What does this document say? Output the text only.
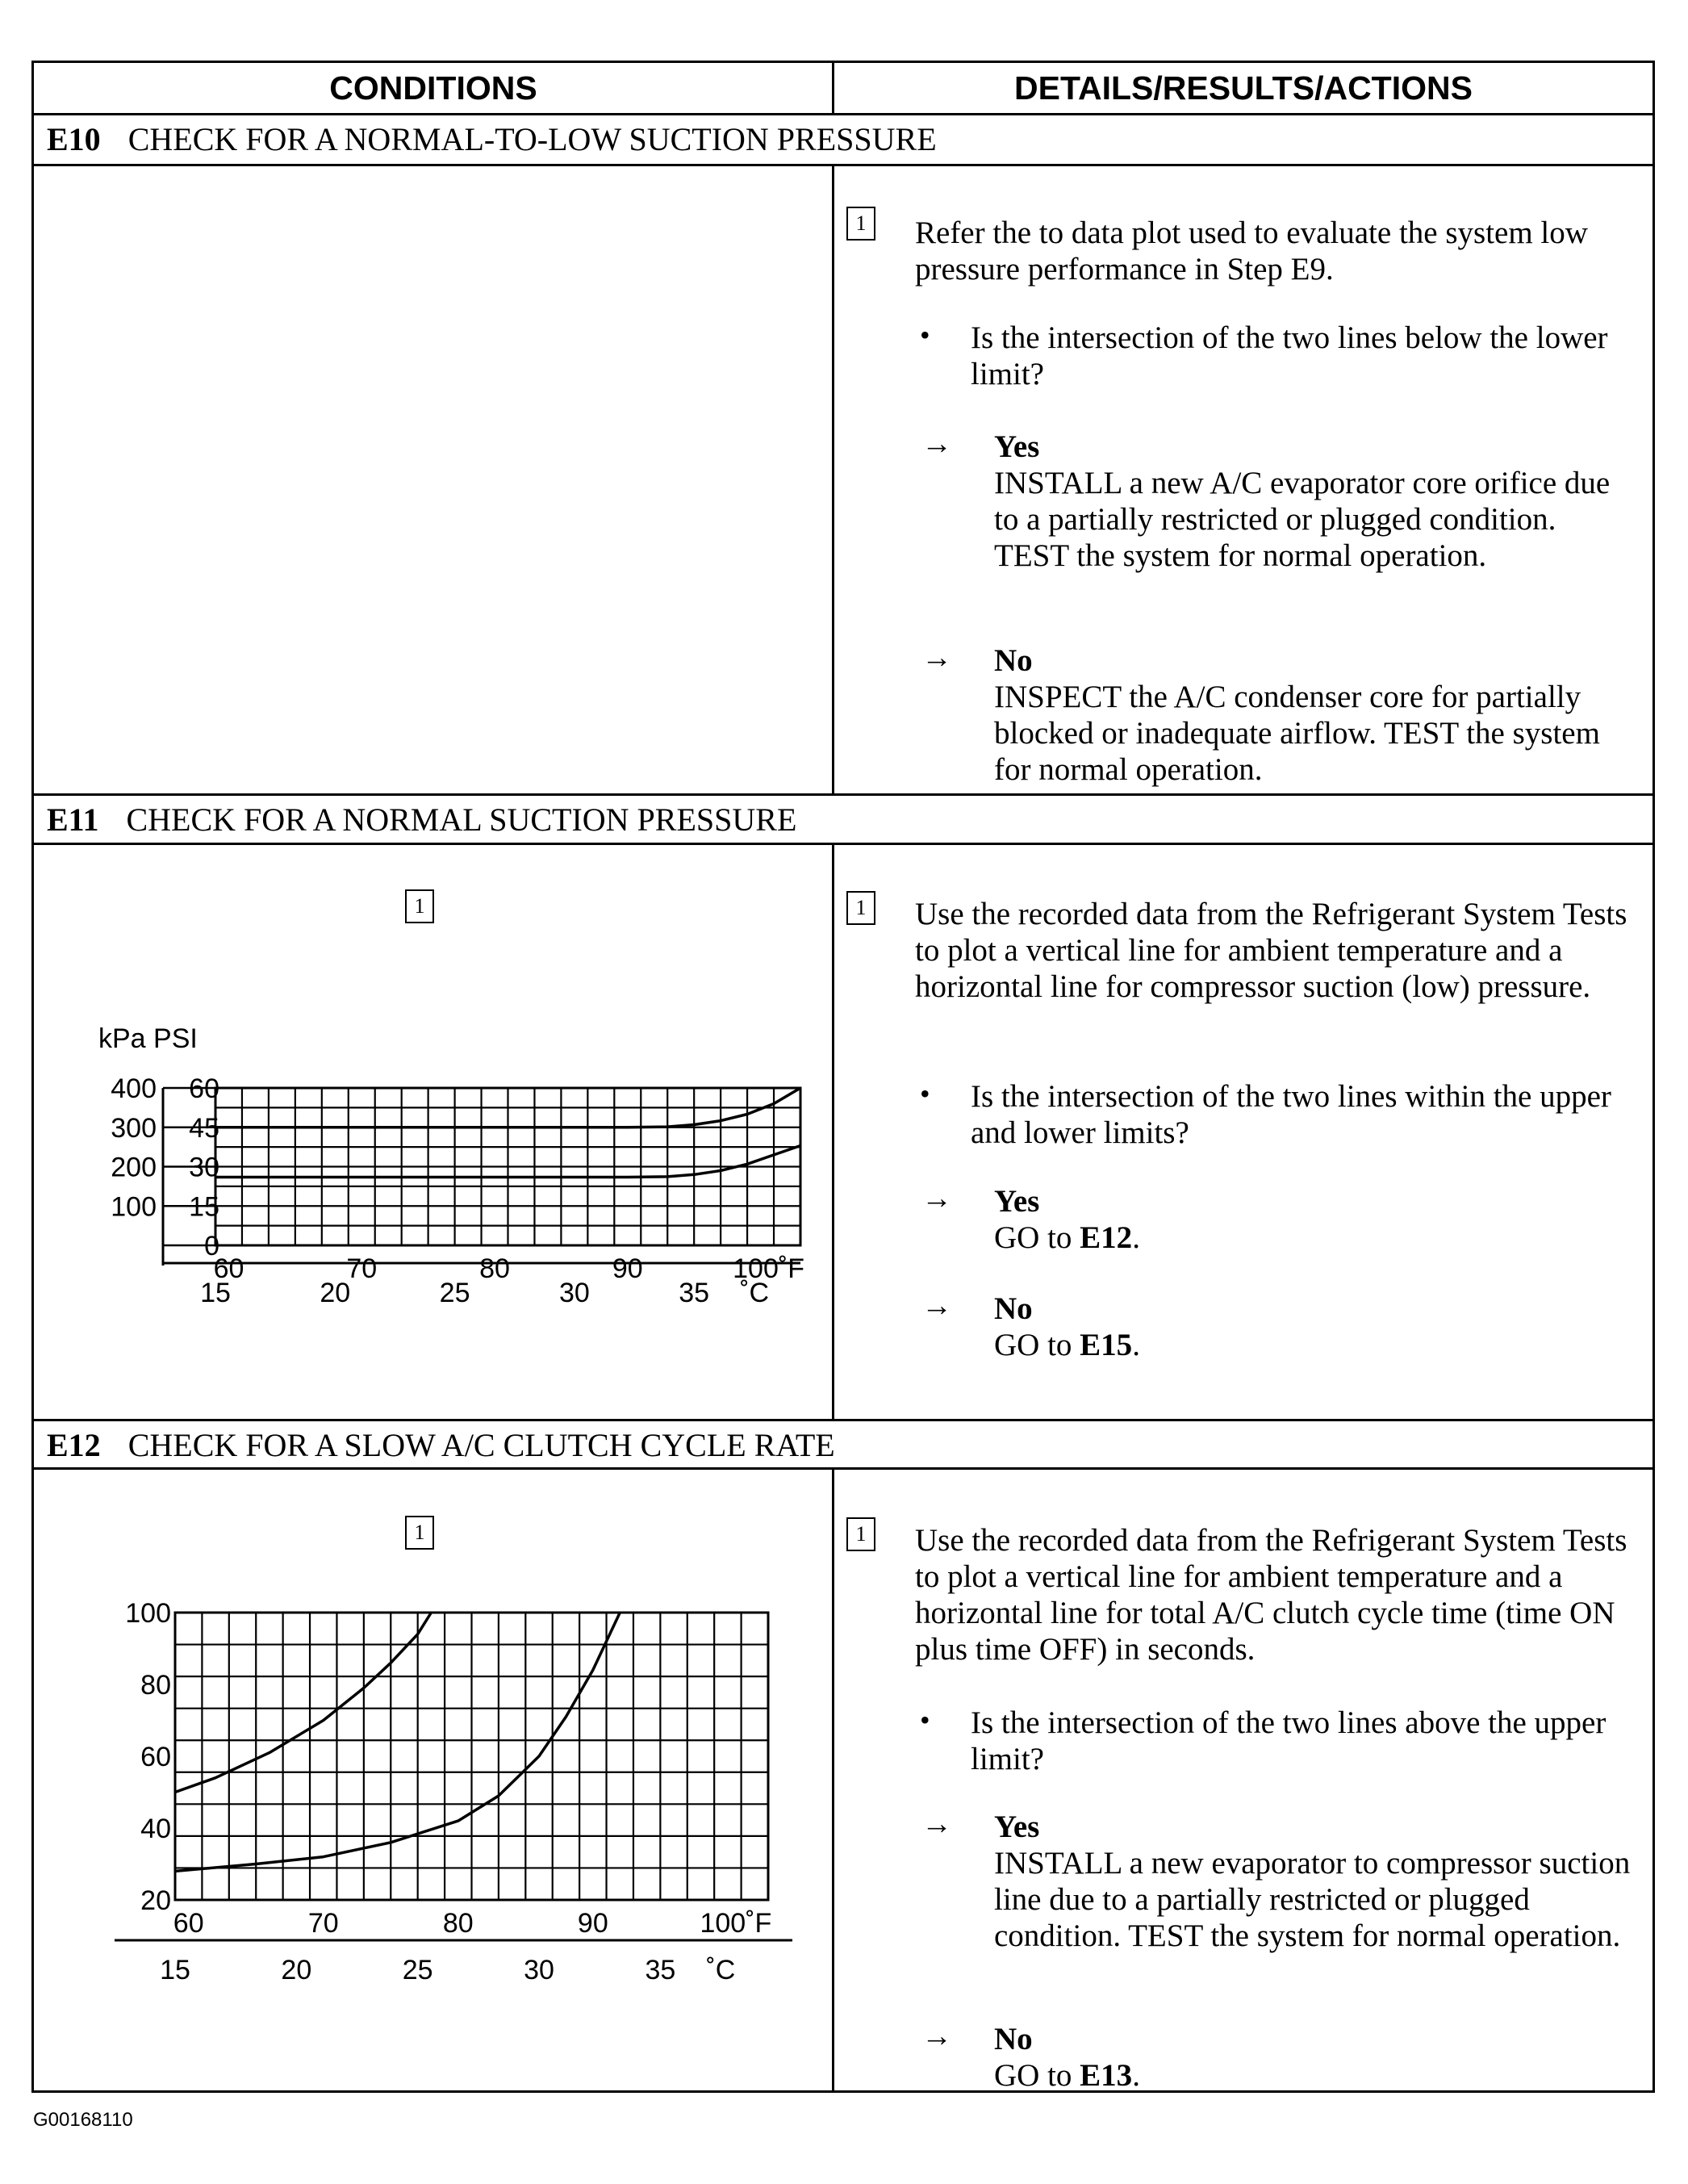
CONDITIONS	DETAILS/RESULTS/ACTIONS
E10 CHECK FOR A NORMAL-TO-LOW SUCTION PRESSURE
1 Refer the to data plot used to evaluate the system low pressure performance in Step E9.
• Is the intersection of the two lines below the lower limit?
→ Yes
INSTALL a new A/C evaporator core orifice due to a partially restricted or plugged condition. TEST the system for normal operation.
→ No
INSPECT the A/C condenser core for partially blocked or inadequate airflow. TEST the system for normal operation.
E11 CHECK FOR A NORMAL SUCTION PRESSURE
1
60
45
30
15
0
400
300
200
100
kPa PSI
60	70	80	90	100˚F
15	20	25	30	35 ˚C
1 Use the recorded data from the Refrigerant System Tests to plot a vertical line for ambient temperature and a horizontal line for compressor suction (low) pressure.
• Is the intersection of the two lines within the upper and lower limits?
→ Yes
GO to E12.
→ No
GO to E15.
E12 CHECK FOR A SLOW A/C CLUTCH CYCLE RATE
1
100
80
60
40
20
60	70	80	90	100˚F
15	20	25	30	35 ˚C
1 Use the recorded data from the Refrigerant System Tests to plot a vertical line for ambient temperature and a horizontal line for total A/C clutch cycle time (time ON plus time OFF) in seconds.
• Is the intersection of the two lines above the upper limit?
→ Yes
INSTALL a new evaporator to compressor suction line due to a partially restricted or plugged condition. TEST the system for normal operation.
→ No
GO to E13.
G00168110
